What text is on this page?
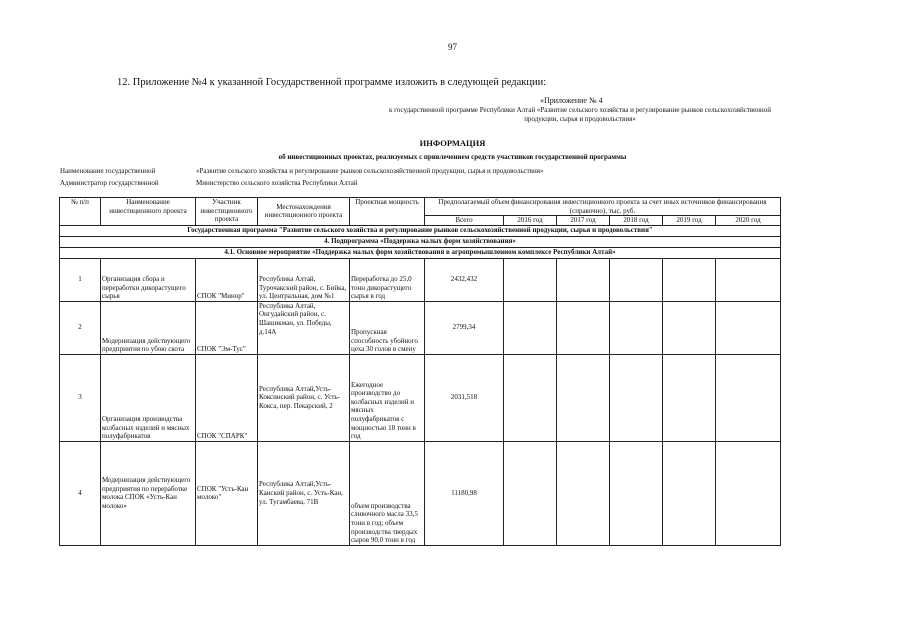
97
12. Приложение №4 к указанной Государственной программе изложить в следующей редакции:
«Приложение № 4
к государственной программе Республики Алтай «Развитие сельского хозяйства и регулирование рынков сельскохозяйственной продукции, сырья и продовольствия»
ИНФОРМАЦИЯ
об инвестиционных проектах, реализуемых с привлечением средств участников государственной программы
Наименование государственной	«Развитие сельского хозяйства и регулирование рынков сельскохозяйственной продукции, сырья и продовольствия»
Администратор государственной	Министерство сельского хозяйства Республики Алтай
№ п/п	Наименование инвестиционного проекта	Участник инвестиционного проекта	Местонахождения инвестиционного проекта	Проектная мощность	Предполагаемый объем финансирования инвестиционного проекта за счет иных источников финансирования (справочно), тыс. руб.					
					Всего	2016 год	2017 год	2018 год	2019 год	2020 год
Государственная программа "Развитие сельского хозяйства и регулирование рынков сельскохозяйственной продукции, сырья и продовольствия"										
4. Подпрограмма «Поддержка малых форм хозяйствования»										
4.1. Основное мероприятие «Поддержка малых форм хозяйствования в агропромышленном комплексе Республики Алтай»										
1	Организация сбора и переработки дикорастущего сырья	СПОК "Минор"	Республика Алтай, Турочакский район, с. Бийка, ул. Центральная, дом №1	Переработка до 25,0 тонн дикорастущего сырья в год	2432,432					
2	Модернизация действующего предприятия по убою скота	СПОК "Эм-Тус"	Республика Алтай, Онгудайский район, с. Шашикман, ул. Победы, д.14А	Пропускная способность убойного цеха 30 голов в смену	2799,34					
3	Организация производства колбасных изделий и мясных полуфабрикатов	СПОК "СПАРК"	Республика Алтай,Усть-Коксинский район, с. Усть-Кокса, пер. Пекарский, 2	Ежегодное производство до колбасных изделий и мясных полуфабрикатов с мощностью 18 тонн в год	2031,518					
4	Модернизация действующего предприятия по переработке молока СПОК «Усть-Кан молоко»	СПОК "Усть-Кан молоко"	Республика Алтай,Усть-Канский район, с. Усть-Кан, ул. Тугамбаева, 71В	объем производства сливочного масла 33,5 тонн в год; объем производства твердых сыров 90,0 тонн в год	11180,98					
